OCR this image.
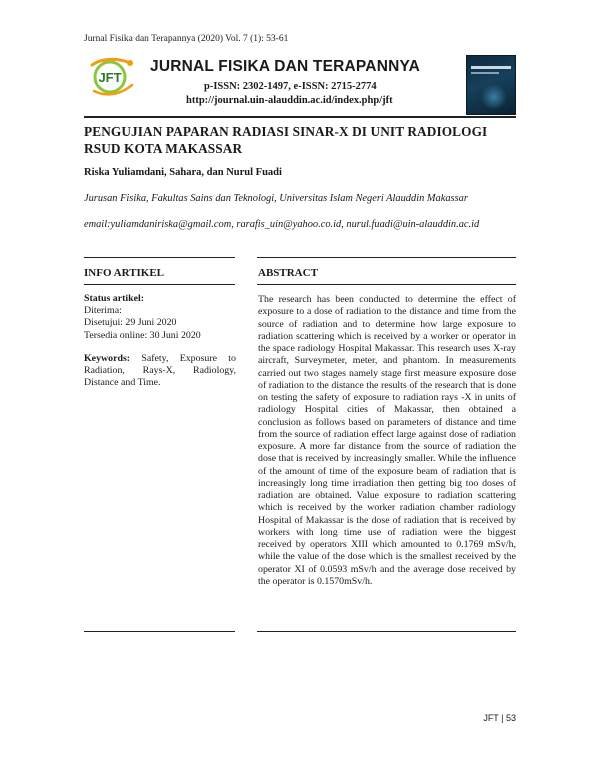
Jurnal Fisika dan Terapannya (2020) Vol. 7 (1): 53-61
JFT
JURNAL FISIKA DAN TERAPANNYA
p-ISSN: 2302-1497, e-ISSN: 2715-2774
http://journal.uin-alauddin.ac.id/index.php/jft
PENGUJIAN PAPARAN RADIASI SINAR-X DI UNIT RADIOLOGI RSUD KOTA MAKASSAR
Riska Yuliamdani, Sahara, dan Nurul Fuadi
Jurusan Fisika, Fakultas Sains dan Teknologi, Universitas Islam Negeri Alauddin Makassar
email:yuliamdaniriska@gmail.com, rarafis_uin@yahoo.co.id, nurul.fuadi@uin-alauddin.ac.id
INFO ARTIKEL	ABSTRACT
Status artikel:
Diterima:
Disetujui: 29 Juni 2020
Tersedia online: 30 Juni 2020
Keywords: Safety, Exposure to Radiation, Rays-X, Radiology, Distance and Time.
The research has been conducted to determine the effect of exposure to a dose of radiation to the distance and time from the source of radiation and to determine how large exposure to radiation scattering which is received by a worker or operator in the space radiology Hospital Makassar. This research uses X-ray aircraft, Surveymeter, meter, and phantom. In measurements carried out two stages namely stage first measure exposure dose of radiation to the distance the results of the research that is done on testing the safety of exposure to radiation rays -X in units of radiology Hospital cities of Makassar, then obtained a conclusion as follows based on parameters of distance and time from the source of radiation effect large against dose of radiation exposure. A more far distance from the source of radiation the dose that is received by increasingly smaller. While the influence of the amount of time of the exposure beam of radiation that is increasingly long time irradiation then getting big too doses of radiation are obtained. Value exposure to radiation scattering which is received by the worker radiation chamber radiology Hospital of Makassar is the dose of radiation that is received by workers with long time use of radiation were the biggest received by operators XIII which amounted to 0.1769 mSv/h, while the value of the dose which is the smallest received by the operator XI of 0.0593 mSv/h and the average dose received by the operator is 0.1570mSv/h.
JFT | 53
